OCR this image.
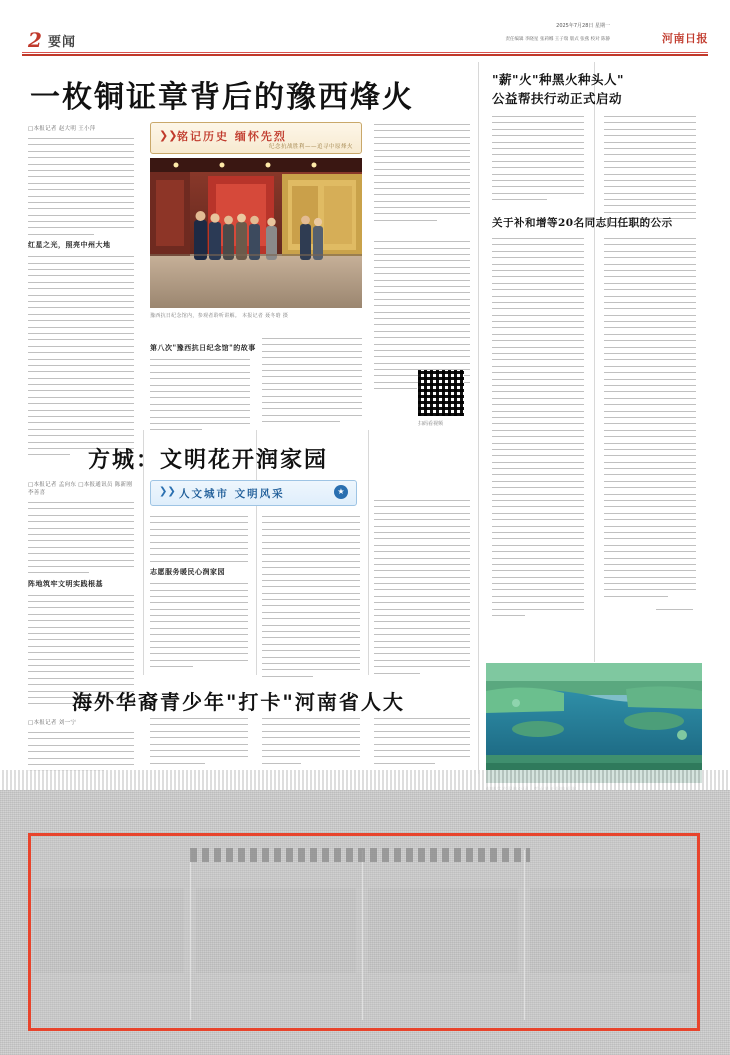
2 要闻
2025年7月28日 星期一
责任编辑 李晓星 张莉娜 王子瑞 版式 张燕 校对 陈静	河南日报
一枚铜证章背后的豫西烽火
□本报记者 赵大明 王小萍
红星之光，照亮中州大地
第八次"豫西抗日纪念馆"的故事

❯❯ 铭记历史 缅怀先烈
纪念抗战胜利——追寻中原烽火
豫西抗日纪念馆内，参观者聆听讲解。 本报记者 聂冬晗 摄
扫码看视频
方城：文明花开润家园
❯❯ 人文城市 文明风采	★
□本报记者 孟向东 □本报通讯员 陈新刚 李善喜
阵地筑牢文明实践根基
志愿服务暖民心润家园

海外华裔青少年"打卡"河南省人大
□本报记者 刘一宁
"薪"火"种黑火种头人"
公益帮扶行动正式启动
关于补和增等20名同志归任职的公示
